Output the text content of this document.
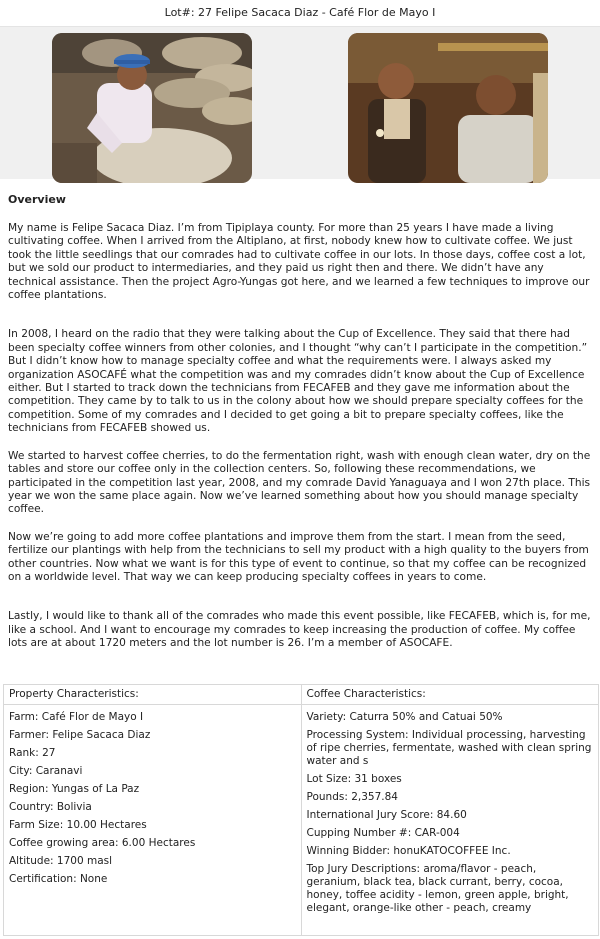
Lot#: 27 Felipe Sacaca Diaz - Café Flor de Mayo I
Overview

My name is Felipe Sacaca Diaz. I’m from Tipiplaya county. For more than 25 years I have made a living cultivating coffee. When I arrived from the Altiplano, at first, nobody knew how to cultivate coffee. We just took the little seedlings that our comrades had to cultivate coffee in our lots. In those days, coffee cost a lot, but we sold our product to intermediaries, and they paid us right then and there. We didn’t have any technical assistance. Then the project Agro-Yungas got here, and we learned a few techniques to improve our coffee plantations.

In 2008, I heard on the radio that they were talking about the Cup of Excellence. They said that there had been specialty coffee winners from other colonies, and I thought “why can’t I participate in the competition.” But I didn’t know how to manage specialty coffee and what the requirements were. I always asked my organization ASOCAFÉ what the competition was and my comrades didn’t know about the Cup of Excellence either. But I started to track down the technicians from FECAFEB and they gave me information about the competition. They came by to talk to us in the colony about how we should prepare specialty coffees for the competition. Some of my comrades and I decided to get going a bit to prepare specialty coffees, like the technicians from FECAFEB showed us.

We started to harvest coffee cherries, to do the fermentation right, wash with enough clean water, dry on the tables and store our coffee only in the collection centers. So, following these recommendations, we participated in the competition last year, 2008, and my comrade David Yanaguaya and I won 27th place. This year we won the same place again. Now we’ve learned something about how you should manage specialty coffee.

Now we’re going to add more coffee plantations and improve them from the start. I mean from the seed, fertilize our plantings with help from the technicians to sell my product with a high quality to the buyers from other countries. Now what we want is for this type of event to continue, so that my coffee can be recognized on a worldwide level. That way we can keep producing specialty coffees in years to come.

Lastly, I would like to thank all of the comrades who made this event possible, like FECAFEB, which is, for me, like a school. And I want to encourage my comrades to keep increasing the production of coffee. My coffee lots are at about 1720 meters and the lot number is 26. I’m a member of ASOCAFE.

Property Characteristics:
Farm: Café Flor de Mayo I
Farmer: Felipe Sacaca Diaz
Rank: 27
City: Caranavi
Region: Yungas of La Paz
Country: Bolivia
Farm Size: 10.00 Hectares
Coffee growing area: 6.00 Hectares
Altitude: 1700 masl
Certification: None
Coffee Characteristics:
Variety: Caturra 50% and Catuai 50%
Processing System: Individual processing, harvesting of ripe cherries, fermentate, washed with clean spring water and s
Lot Size: 31 boxes
Pounds: 2,357.84
International Jury Score: 84.60
Cupping Number #: CAR-004
Winning Bidder: honuKATOCOFFEE Inc.
Top Jury Descriptions: aroma/flavor - peach, geranium, black tea, black currant, berry, cocoa, honey, toffee acidity - lemon, green apple, bright, elegant, orange-like other - peach, creamy
